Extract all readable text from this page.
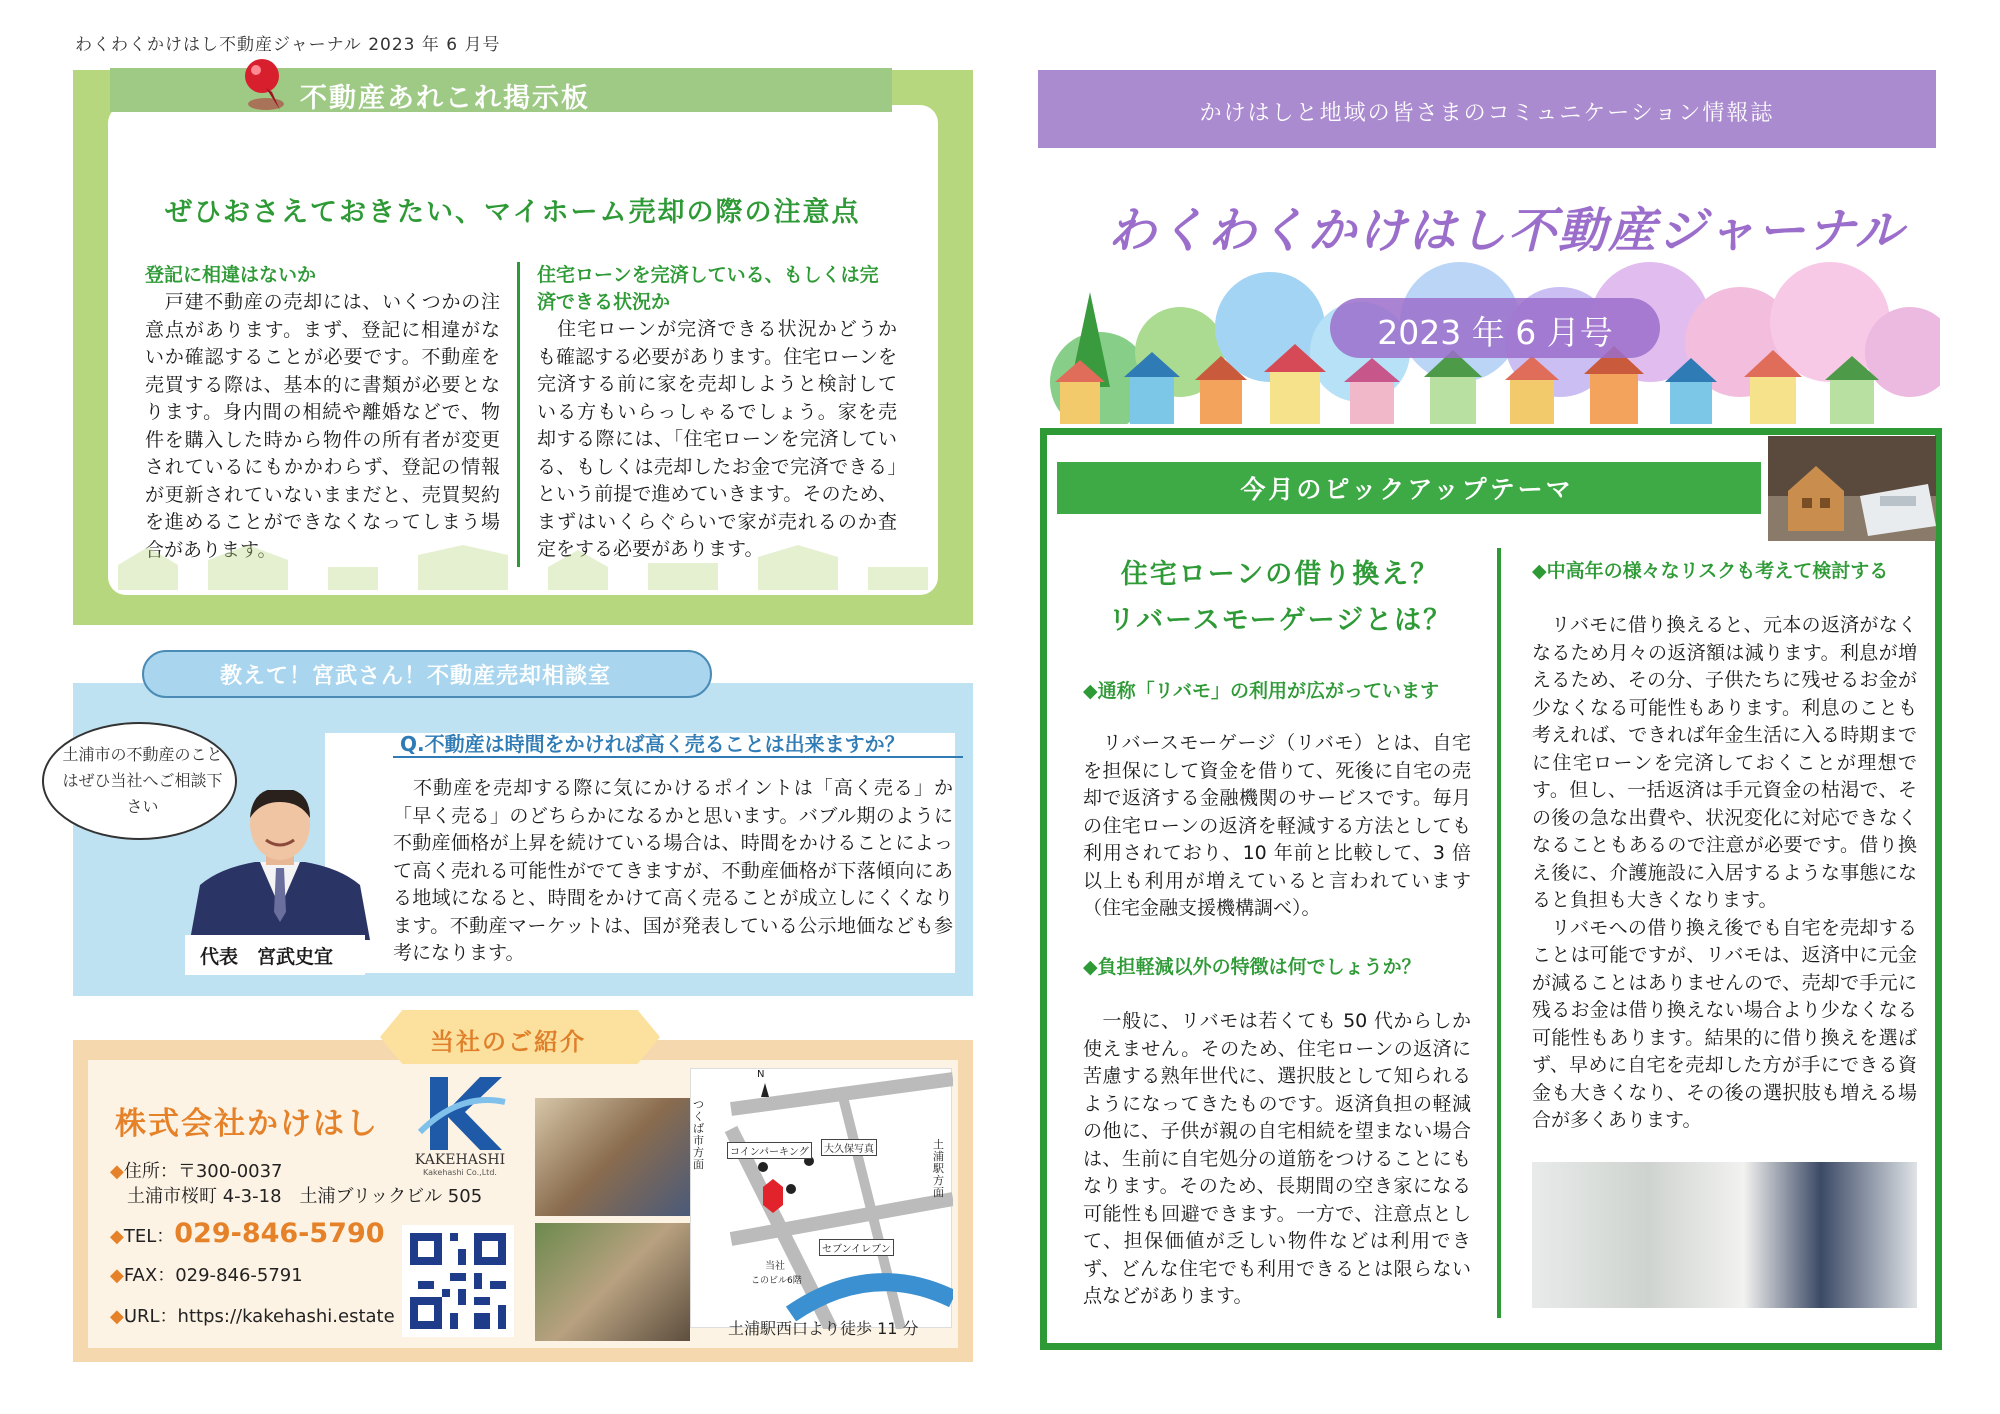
わくわくかけはし不動産ジャーナル 2023 年 6 月号
不動産あれこれ掲示板
ぜひおさえておきたい、マイホーム売却の際の注意点
登記に相違はないか

　戸建不動産の売却には、いくつかの注意点があります。まず、登記に相違がないか確認することが必要です。不動産を売買する際は、基本的に書類が必要となります。身内間の相続や離婚などで、物件を購入した時から物件の所有者が変更されているにもかかわらず、登記の情報が更新されていないままだと、売買契約を進めることができなくなってしまう場合があります。

住宅ローンを完済している、もしくは完済できる状況か

　住宅ローンが完済できる状況かどうかも確認する必要があります。住宅ローンを完済する前に家を売却しようと検討している方もいらっしゃるでしょう。家を売却する際には、「住宅ローンを完済している、もしくは売却したお金で完済できる」という前提で進めていきます。そのため、まずはいくらぐらいで家が売れるのか査定をする必要があります。

教えて！宮武さん！不動産売却相談室
土浦市の不動産のことはぜひ当社へご相談下さい
代表　宮武史宜
Q.不動産は時間をかければ高く売ることは出来ますか？

　不動産を売却する際に気にかけるポイントは「高く売る」か「早く売る」のどちらかになるかと思います。バブル期のように不動産価格が上昇を続けている場合は、時間をかけることによって高く売れる可能性がでてきますが、不動産価格が下落傾向にある地域になると、時間をかけて高く売ることが成立しにくくなります。不動産マーケットは、国が発表している公示地価なども参考になります。

当社のご紹介
株式会社かけはし
◆住所：〒300-0037
土浦市桜町 4-3-18　土浦ブリックビル 505
◆TEL：029-846-5790
◆FAX：029-846-5791
◆URL：https://kakehashi.estate
KAKEHASHI
Kakehashi Co.,Ltd.
N
コインパーキング	大久保写真
セブンイレブン
当社
このビル6階
つくば市方面
土浦駅方面
土浦駅西口より徒歩 11 分
かけはしと地域の皆さまのコミュニケーション情報誌
わくわくかけはし不動産ジャーナル
2023 年 6 月号
今月のピックアップテーマ
住宅ローンの借り換え？
リバースモーゲージとは？
◆通称「リバモ」の利用が広がっています

　リバースモーゲージ（リバモ）とは、自宅を担保にして資金を借りて、死後に自宅の売却で返済する金融機関のサービスです。毎月の住宅ローンの返済を軽減する方法としても利用されており、10 年前と比較して、3 倍以上も利用が増えていると言われています（住宅金融支援機構調べ）。

◆負担軽減以外の特徴は何でしょうか？

　一般に、リバモは若くても 50 代からしか使えません。そのため、住宅ローンの返済に苦慮する熟年世代に、選択肢として知られるようになってきたものです。返済負担の軽減の他に、子供が親の自宅相続を望まない場合は、生前に自宅処分の道筋をつけることにもなります。そのため、長期間の空き家になる可能性も回避できます。一方で、注意点として、担保価値が乏しい物件などは利用できず、どんな住宅でも利用できるとは限らない点などがあります。

◆中高年の様々なリスクも考えて検討する

　リバモに借り換えると、元本の返済がなくなるため月々の返済額は減ります。利息が増えるため、その分、子供たちに残せるお金が少なくなる可能性もあります。利息のことも考えれば、できれば年金生活に入る時期までに住宅ローンを完済しておくことが理想です。但し、一括返済は手元資金の枯渇で、その後の急な出費や、状況変化に対応できなくなることもあるので注意が必要です。借り換え後に、介護施設に入居するような事態になると負担も大きくなります。
　リバモへの借り換え後でも自宅を売却することは可能ですが、リバモは、返済中に元金が減ることはありませんので、売却で手元に残るお金は借り換えない場合より少なくなる可能性もあります。結果的に借り換えを選ばず、早めに自宅を売却した方が手にできる資金も大きくなり、その後の選択肢も増える場合が多くあります。
